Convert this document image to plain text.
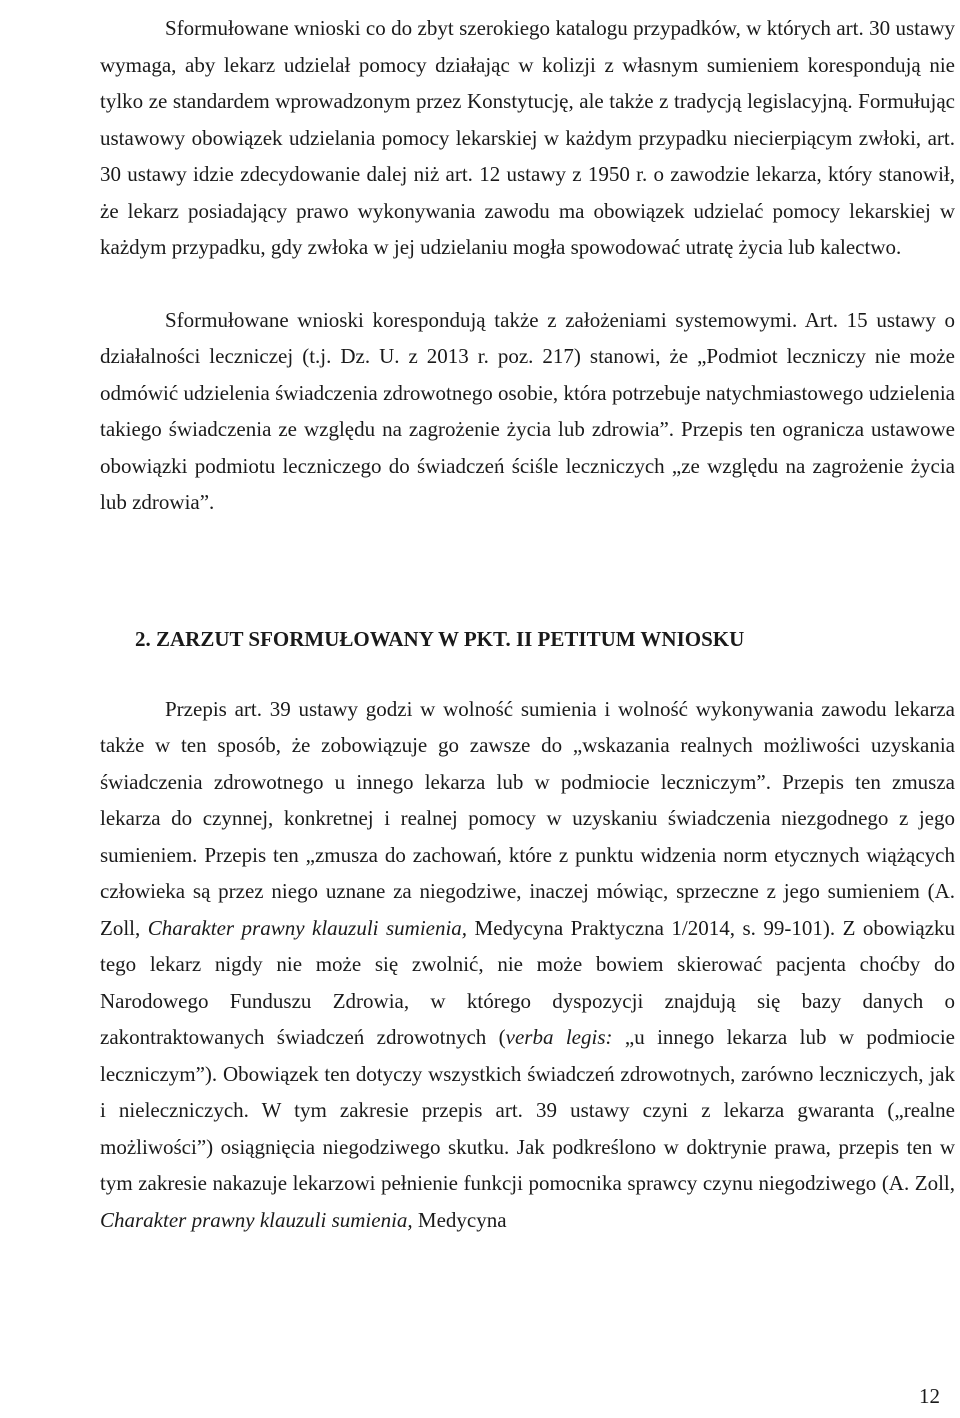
Sformułowane wnioski co do zbyt szerokiego katalogu przypadków, w których art. 30 ustawy wymaga, aby lekarz udzielał pomocy działając w kolizji z własnym sumieniem korespondują nie tylko ze standardem wprowadzonym przez Konstytucję, ale także z tradycją legislacyjną. Formułując ustawowy obowiązek udzielania pomocy lekarskiej w każdym przypadku niecierpiącym zwłoki, art. 30 ustawy idzie zdecydowanie dalej niż art. 12 ustawy z 1950 r. o zawodzie lekarza, który stanowił, że lekarz posiadający prawo wykonywania zawodu ma obowiązek udzielać pomocy lekarskiej w każdym przypadku, gdy zwłoka w jej udzielaniu mogła spowodować utratę życia lub kalectwo.

Sformułowane wnioski korespondują także z założeniami systemowymi. Art. 15 ustawy o działalności leczniczej (t.j. Dz. U. z 2013 r. poz. 217) stanowi, że „Podmiot leczniczy nie może odmówić udzielenia świadczenia zdrowotnego osobie, która potrzebuje natychmiastowego udzielenia takiego świadczenia ze względu na zagrożenie życia lub zdrowia”. Przepis ten ogranicza ustawowe obowiązki podmiotu leczniczego do świadczeń ściśle leczniczych „ze względu na zagrożenie życia lub zdrowia”.

2. ZARZUT SFORMUŁOWANY W PKT. II PETITUM WNIOSKU

Przepis art. 39 ustawy godzi w wolność sumienia i wolność wykonywania zawodu lekarza także w ten sposób, że zobowiązuje go zawsze do „wskazania realnych możliwości uzyskania świadczenia zdrowotnego u innego lekarza lub w podmiocie leczniczym”. Przepis ten zmusza lekarza do czynnej, konkretnej i realnej pomocy w uzyskaniu świadczenia niezgodnego z jego sumieniem. Przepis ten „zmusza do zachowań, które z punktu widzenia norm etycznych wiążących człowieka są przez niego uznane za niegodziwe, inaczej mówiąc, sprzeczne z jego sumieniem (A. Zoll, Charakter prawny klauzuli sumienia, Medycyna Praktyczna 1/2014, s. 99-101). Z obowiązku tego lekarz nigdy nie może się zwolnić, nie może bowiem skierować pacjenta choćby do Narodowego Funduszu Zdrowia, w którego dyspozycji znajdują się bazy danych o zakontraktowanych świadczeń zdrowotnych (verba legis: „u innego lekarza lub w podmiocie leczniczym”). Obowiązek ten dotyczy wszystkich świadczeń zdrowotnych, zarówno leczniczych, jak i nieleczniczych. W tym zakresie przepis art. 39 ustawy czyni z lekarza gwaranta („realne możliwości”) osiągnięcia niegodziwego skutku. Jak podkreślono w doktrynie prawa, przepis ten w tym zakresie nakazuje lekarzowi pełnienie funkcji pomocnika sprawcy czynu niegodziwego (A. Zoll, Charakter prawny klauzuli sumienia, Medycyna

12
